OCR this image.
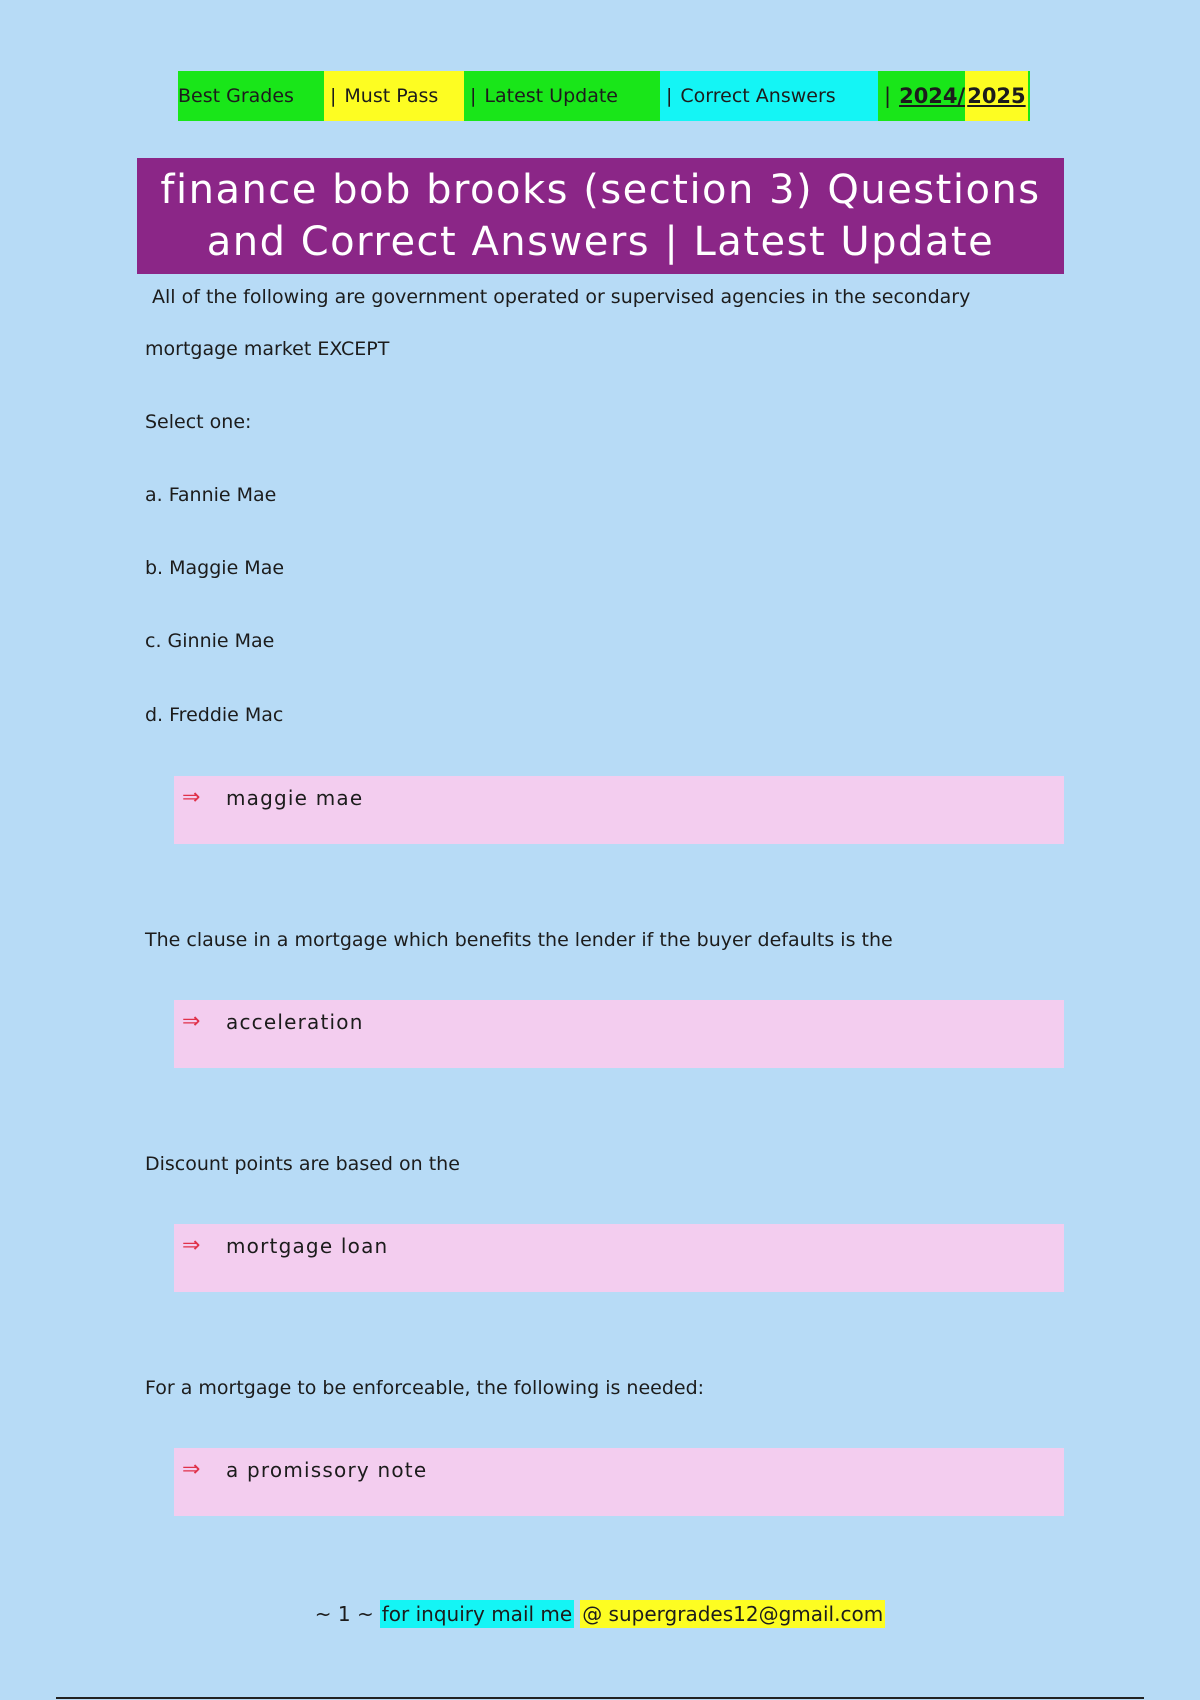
Best Grades | Must Pass | Latest Update	| Correct Answers | 2024/ 2025
finance bob brooks (section 3) Questions and Correct Answers | Latest Update
All of the following are government operated or supervised agencies in the secondary
mortgage market EXCEPT
Select one:
a. Fannie Mae
b. Maggie Mae
c. Ginnie Mae
d. Freddie Mac
The clause in a mortgage which benefits the lender if the buyer defaults is the
Discount points are based on the
For a mortgage to be enforceable, the following is needed:
⇒	maggie mae
⇒	acceleration
⇒	mortgage loan
⇒	a promissory note
~ 1 ~ for inquiry mail me @ supergrades12@gmail.com
